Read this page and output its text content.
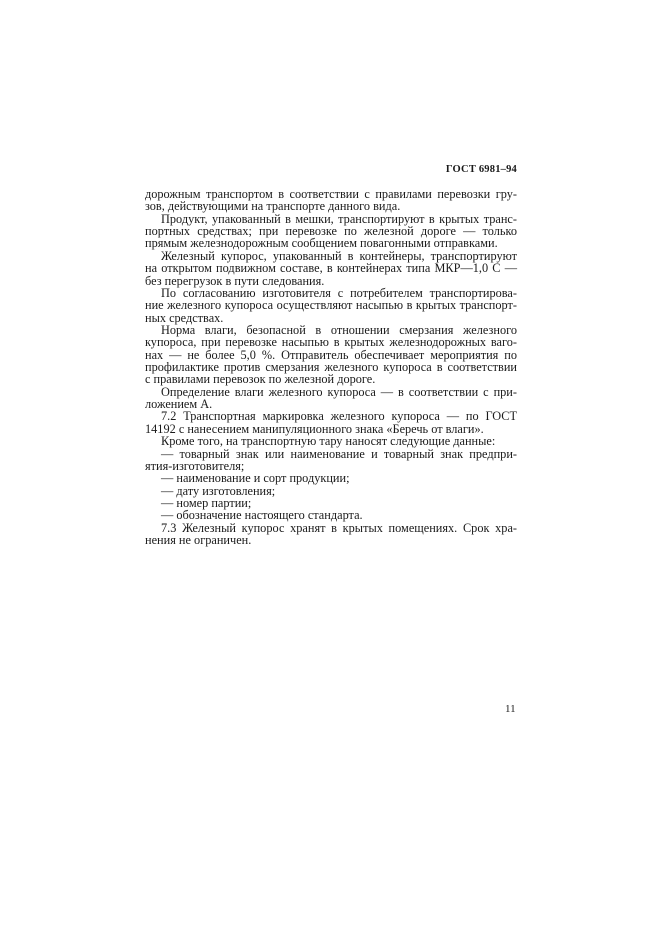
ГОСТ 6981–94
дорожным транспортом в соответствии с правилами перевозки гру-
зов, действующими на транспорте данного вида.
Продукт, упакованный в мешки, транспортируют в крытых транс-
портных средствах; при перевозке по железной дороге — только
прямым железнодорожным сообщением повагонными отправками.
Железный купорос, упакованный в контейнеры, транспортируют
на открытом подвижном составе, в контейнерах типа МКР—1,0 С —
без перегрузок в пути следования.
По согласованию изготовителя с потребителем транспортирова-
ние железного купороса осуществляют насыпью в крытых транспорт-
ных средствах.
Норма влаги, безопасной в отношении смерзания железного
купороса, при перевозке насыпью в крытых железнодорожных ваго-
нах — не более 5,0 %. Отправитель обеспечивает мероприятия по
профилактике против смерзания железного купороса в соответствии
с правилами перевозок по железной дороге.
Определение влаги железного купороса — в соответствии с при-
ложением А.
7.2 Транспортная маркировка железного купороса — по ГОСТ
14192 с нанесением манипуляционного знака «Беречь от влаги».
Кроме того, на транспортную тару наносят следующие данные:
— товарный знак или наименование и товарный знак предпри-
ятия-изготовителя;
— наименование и сорт продукции;
— дату изготовления;
— номер партии;
— обозначение настоящего стандарта.
7.3 Железный купорос хранят в крытых помещениях. Срок хра-
нения не ограничен.
11
